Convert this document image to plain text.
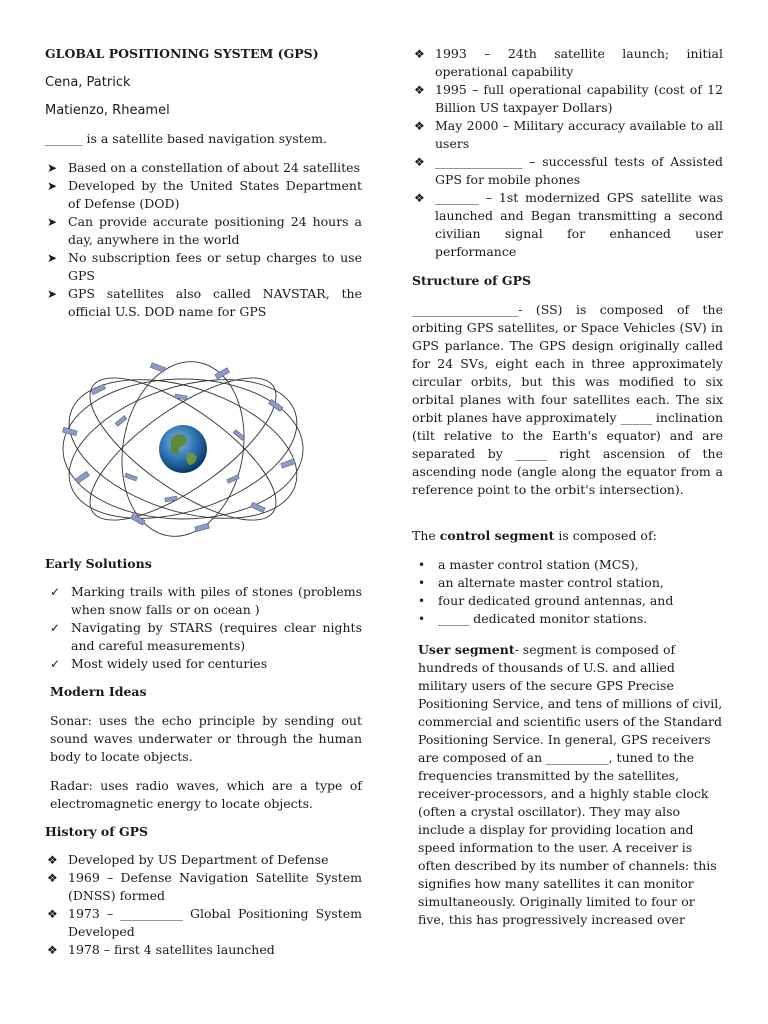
GLOBAL POSITIONING SYSTEM (GPS)

Cena, Patrick

Matienzo, Rheamel

______ is a satellite based navigation system.

➤ Based on a constellation of about 24 satellites
➤ Developed by the United States Department of Defense (DOD)
➤ Can provide accurate positioning 24 hours a day, anywhere in the world
➤ No subscription fees or setup charges to use GPS
➤ GPS satellites also called NAVSTAR, the official U.S. DOD name for GPS

Early Solutions

✓ Marking trails with piles of stones (problems when snow falls or on ocean )
✓ Navigating by STARS (requires clear nights and careful measurements)
✓ Most widely used for centuries

Modern Ideas

Sonar: uses the echo principle by sending out sound waves underwater or through the human body to locate objects.

Radar: uses radio waves, which are a type of electromagnetic energy to locate objects.

History of GPS

❖ Developed by US Department of Defense
❖ 1969 – Defense Navigation Satellite System (DNSS) formed
❖ 1973 – __________ Global Positioning System Developed
❖ 1978 – first 4 satellites launched
❖ 1993 – 24th satellite launch; initial operational capability
❖ 1995 – full operational capability (cost of 12 Billion US taxpayer Dollars)
❖ May 2000 – Military accuracy available to all users
❖ ______________ – successful tests of Assisted GPS for mobile phones
❖ _______ – 1st modernized GPS satellite was launched and Began transmitting a second civilian signal for enhanced user performance

Structure of GPS

_________________- (SS) is composed of the orbiting GPS satellites, or Space Vehicles (SV) in GPS parlance. The GPS design originally called for 24 SVs, eight each in three approximately circular orbits, but this was modified to six orbital planes with four satellites each. The six orbit planes have approximately _____ inclination (tilt relative to the Earth's equator) and are separated by _____ right ascension of the ascending node (angle along the equator from a reference point to the orbit's intersection).

The control segment is composed of:

• a master control station (MCS),
• an alternate master control station,
• four dedicated ground antennas, and
• _____ dedicated monitor stations.

User segment- segment is composed of hundreds of thousands of U.S. and allied military users of the secure GPS Precise Positioning Service, and tens of millions of civil, commercial and scientific users of the Standard Positioning Service. In general, GPS receivers are composed of an __________, tuned to the frequencies transmitted by the satellites, receiver-processors, and a highly stable clock (often a crystal oscillator). They may also include a display for providing location and speed information to the user. A receiver is often described by its number of channels: this signifies how many satellites it can monitor simultaneously. Originally limited to four or five, this has progressively increased over
